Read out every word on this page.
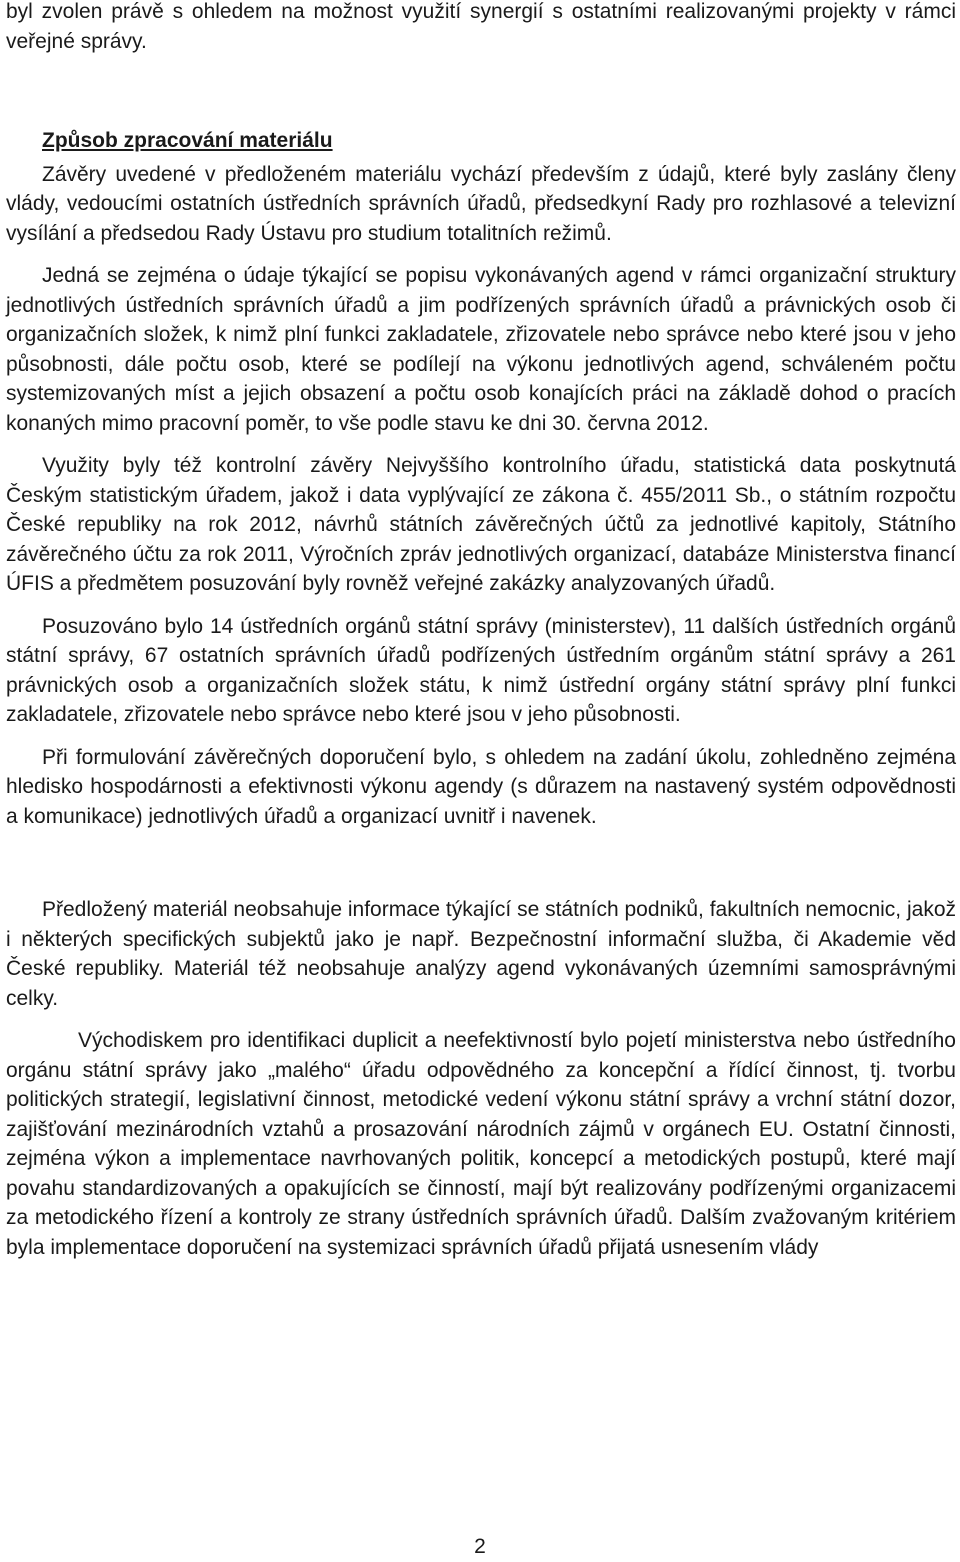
byl zvolen právě s ohledem na možnost využití synergií s ostatními realizovanými projekty v rámci veřejné správy.

Způsob zpracování materiálu

Závěry uvedené v předloženém materiálu vychází především z údajů, které byly zaslány členy vlády, vedoucími ostatních ústředních správních úřadů, předsedkyní Rady pro rozhlasové a televizní vysílání a předsedou Rady Ústavu pro studium totalitních režimů.

Jedná se zejména o údaje týkající se popisu vykonávaných agend v rámci organizační struktury jednotlivých ústředních správních úřadů a jim podřízených správních úřadů a právnických osob či organizačních složek, k nimž plní funkci zakladatele, zřizovatele nebo správce nebo které jsou v jeho působnosti, dále počtu osob, které se podílejí na výkonu jednotlivých agend, schváleném počtu systemizovaných míst a jejich obsazení a počtu osob konajících práci na základě dohod o pracích konaných mimo pracovní poměr, to vše podle stavu ke dni 30. června 2012.

Využity byly též kontrolní závěry Nejvyššího kontrolního úřadu, statistická data poskytnutá Českým statistickým úřadem, jakož i data vyplývající ze zákona č. 455/2011 Sb., o státním rozpočtu České republiky na rok 2012, návrhů státních závěrečných účtů za jednotlivé kapitoly, Státního závěrečného účtu za rok 2011, Výročních zpráv jednotlivých organizací, databáze Ministerstva financí ÚFIS a předmětem posuzování byly rovněž veřejné zakázky analyzovaných úřadů.

Posuzováno bylo 14 ústředních orgánů státní správy (ministerstev), 11 dalších ústředních orgánů státní správy, 67 ostatních správních úřadů podřízených ústředním orgánům státní správy a 261 právnických osob a organizačních složek státu, k nimž ústřední orgány státní správy plní funkci zakladatele, zřizovatele nebo správce nebo které jsou v jeho působnosti.

Při formulování závěrečných doporučení bylo, s ohledem na zadání úkolu, zohledněno zejména hledisko hospodárnosti a efektivnosti výkonu agendy (s důrazem na nastavený systém odpovědnosti a komunikace) jednotlivých úřadů a organizací uvnitř i navenek.

Předložený materiál neobsahuje informace týkající se státních podniků, fakultních nemocnic, jakož i některých specifických subjektů jako je např. Bezpečnostní informační služba, či Akademie věd České republiky. Materiál též neobsahuje analýzy agend vykonávaných územními samosprávnými celky.

Východiskem pro identifikaci duplicit a neefektivností bylo pojetí ministerstva nebo ústředního orgánu státní správy jako „malého“ úřadu odpovědného za koncepční a řídící činnost, tj. tvorbu politických strategií, legislativní činnost, metodické vedení výkonu státní správy a vrchní státní dozor, zajišťování mezinárodních vztahů a prosazování národních zájmů v orgánech EU. Ostatní činnosti, zejména výkon a implementace navrhovaných politik, koncepcí a metodických postupů, které mají povahu standardizovaných a opakujících se činností, mají být realizovány podřízenými organizacemi za metodického řízení a kontroly ze strany ústředních správních úřadů. Dalším zvažovaným kritériem byla implementace doporučení na systemizaci správních úřadů přijatá usnesením vlády

2
